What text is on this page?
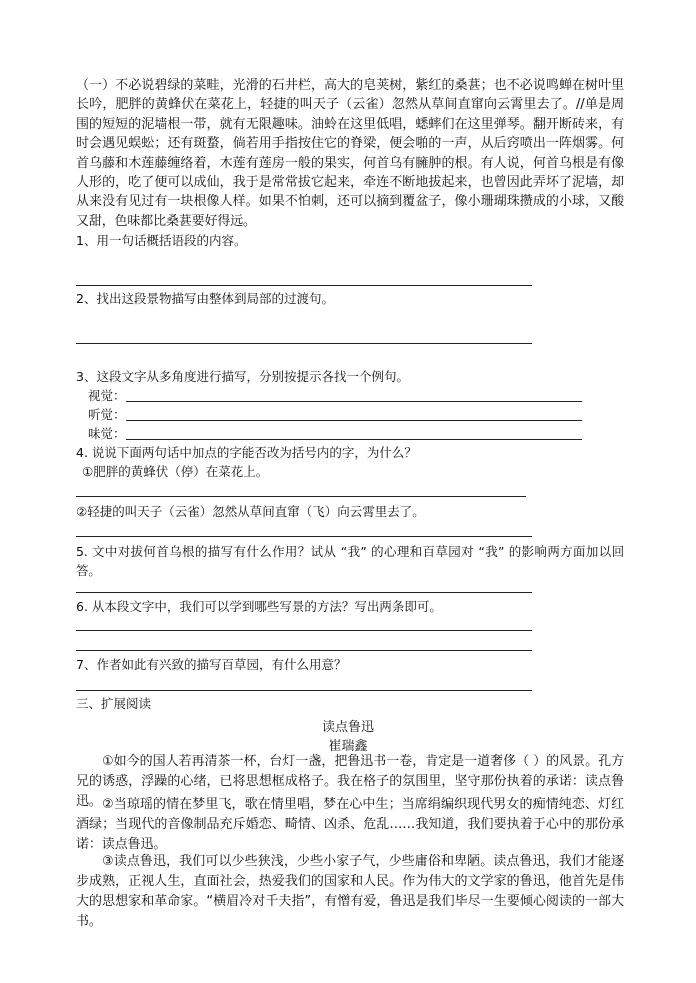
（一）不必说碧绿的菜畦，光滑的石井栏，高大的皂荚树，紫红的桑葚；也不必说鸣蝉在树叶里长吟，肥胖的黄蜂伏在菜花上，轻捷的叫天子（云雀）忽然从草间直窜向云霄里去了。//单是周围的短短的泥墙根一带，就有无限趣味。油蛉在这里低唱，蟋蟀们在这里弹琴。翻开断砖来，有时会遇见蜈蚣；还有斑蝥，倘若用手指按住它的脊梁，便会啪的一声，从后窍喷出一阵烟雾。何首乌藤和木莲藤缠络着，木莲有莲房一般的果实，何首乌有臃肿的根。有人说，何首乌根是有像人形的，吃了便可以成仙，我于是常常拔它起来，牵连不断地拔起来，也曾因此弄坏了泥墙，却从来没有见过有一块根像人样。如果不怕刺，还可以摘到覆盆子，像小珊瑚珠攒成的小球，又酸又甜，色味都比桑葚要好得远。

1、用一句话概括语段的内容。
2、找出这段景物描写由整体到局部的过渡句。
3、这段文字从多角度进行描写，分别按提示各找一个例句。
视觉：
听觉：
味觉：
4. 说说下面两句话中加点的字能否改为括号内的字，为什么？
①肥胖的黄蜂伏（停）在菜花上。
②轻捷的叫天子（云雀）忽然从草间直窜（飞）向云霄里去了。

5. 文中对拔何首乌根的描写有什么作用？试从 “我” 的心理和百草园对 “我” 的影响两方面加以回答。

6. 从本段文字中，我们可以学到哪些写景的方法？写出两条即可。
7、作者如此有兴致的描写百草园，有什么用意？
三、扩展阅读
读点鲁迅
崔瑞鑫

①如今的国人若再清茶一杯，台灯一盏，把鲁迅书一卷，肯定是一道奢侈（ ）的风景。孔方兄的诱惑，浮躁的心绪，已将思想框成格子。我在格子的氛围里，坚守那份执着的承诺：读点鲁迅。 ②当琼瑶的情在梦里飞，歌在情里唱，梦在心中生；当席绢编织现代男女的痴情纯恋、灯红酒绿；当现代的音像制品充斥婚恋、畸情、凶杀、危乱……我知道，我们要执着于心中的那份承诺：读点鲁迅。

③读点鲁迅，我们可以少些狭浅，少些小家子气，少些庸俗和卑陋。读点鲁迅，我们才能逐步成熟，正视人生，直面社会，热爱我们的国家和人民。作为伟大的文学家的鲁迅，他首先是伟大的思想家和革命家。“横眉冷对千夫指”，有憎有爱，鲁迅是我们毕尽一生要倾心阅读的一部大书。
